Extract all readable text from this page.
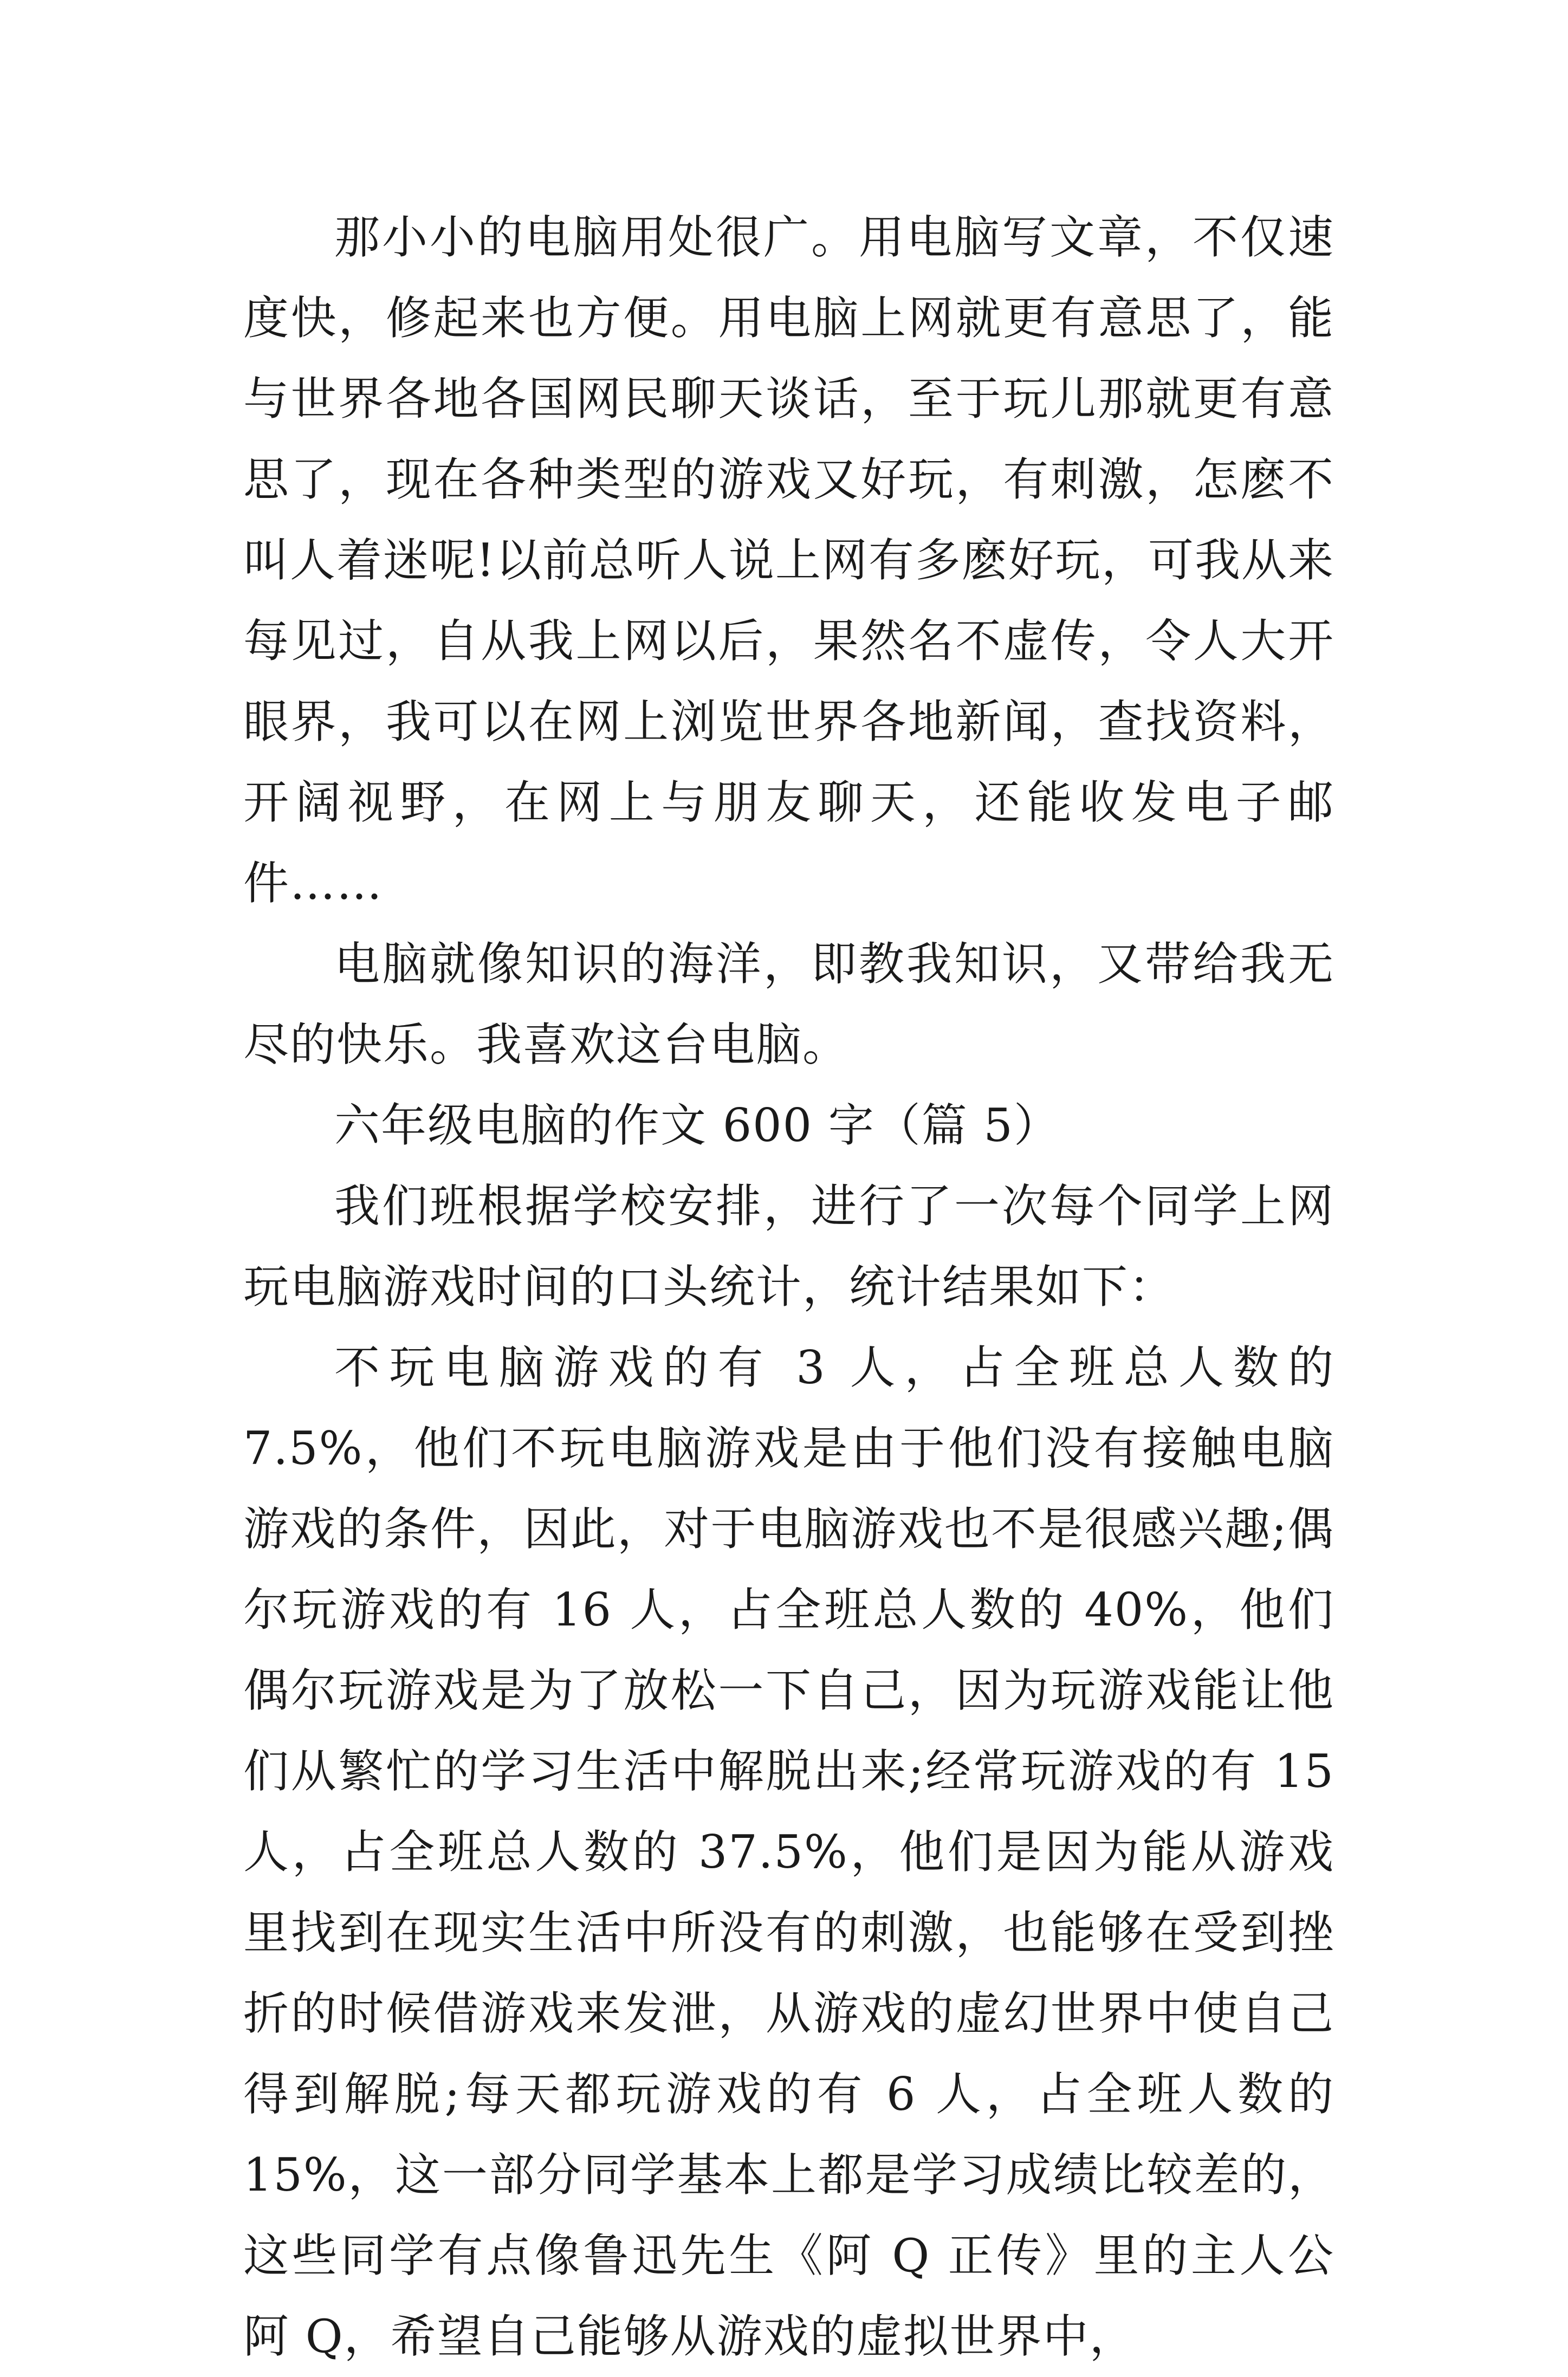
那小小的电脑用处很广。用电脑写文章，不仅速度快，修起来也方便。用电脑上网就更有意思了，能与世界各地各国网民聊天谈话，至于玩儿那就更有意思了，现在各种类型的游戏又好玩，有刺激，怎麽不叫人着迷呢!以前总听人说上网有多麽好玩，可我从来每见过，自从我上网以后，果然名不虚传，令人大开眼界，我可以在网上浏览世界各地新闻，查找资料，开阔视野，在网上与朋友聊天，还能收发电子邮件……

电脑就像知识的海洋，即教我知识，又带给我无尽的快乐。我喜欢这台电脑。

六年级电脑的作文 600 字（篇 5）

我们班根据学校安排，进行了一次每个同学上网玩电脑游戏时间的口头统计，统计结果如下：

不玩电脑游戏的有 3 人，占全班总人数的 7.5%，他们不玩电脑游戏是由于他们没有接触电脑游戏的条件，因此，对于电脑游戏也不是很感兴趣;偶尔玩游戏的有 16 人，占全班总人数的 40%，他们偶尔玩游戏是为了放松一下自己，因为玩游戏能让他们从繁忙的学习生活中解脱出来;经常玩游戏的有 15 人，占全班总人数的 37.5%，他们是因为能从游戏里找到在现实生活中所没有的刺激，也能够在受到挫折的时候借游戏来发泄，从游戏的虚幻世界中使自己得到解脱;每天都玩游戏的有 6 人，占全班人数的 15%，这一部分同学基本上都是学习成绩比较差的，这些同学有点像鲁迅先生《阿 Q 正传》里的主人公阿 Q，希望自己能够从游戏的虚拟世界中，
